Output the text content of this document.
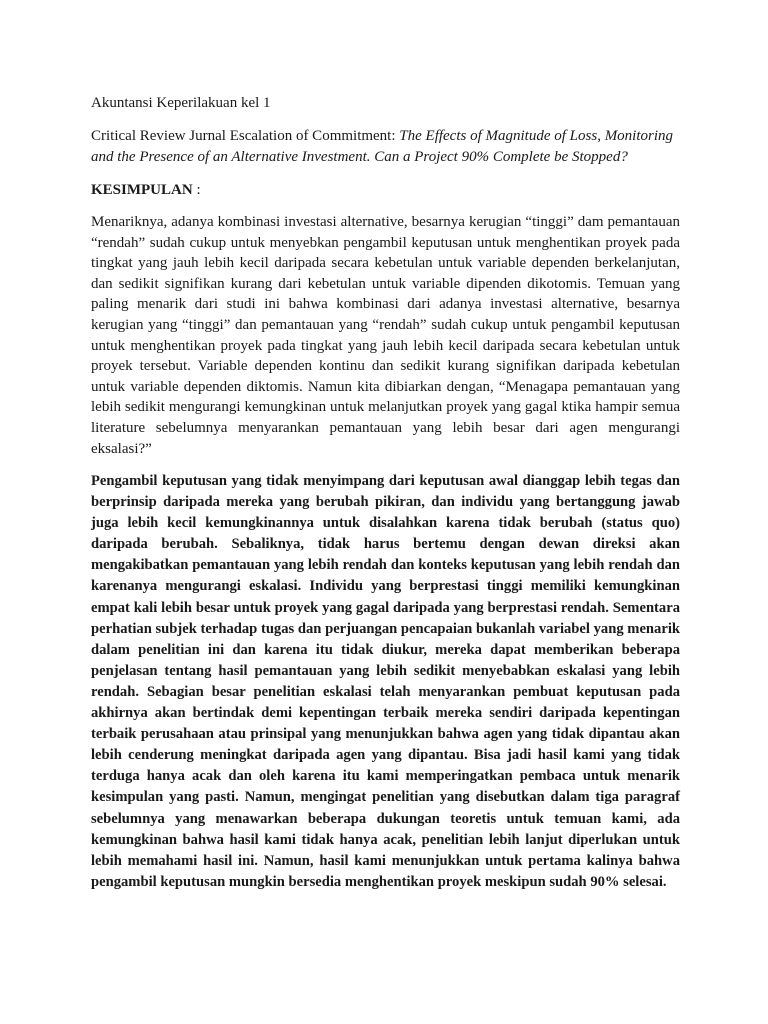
Akuntansi Keperilakuan kel 1
Critical Review Jurnal Escalation of Commitment: The Effects of Magnitude of Loss, Monitoring and the Presence of an Alternative Investment. Can a Project 90% Complete be Stopped?
KESIMPULAN :
Menariknya, adanya kombinasi investasi alternative, besarnya kerugian “tinggi” dam pemantauan “rendah” sudah cukup untuk menyebkan pengambil keputusan untuk menghentikan proyek pada tingkat yang jauh lebih kecil daripada secara kebetulan untuk variable dependen berkelanjutan, dan sedikit signifikan kurang dari kebetulan untuk variable dipenden dikotomis. Temuan yang paling menarik dari studi ini bahwa kombinasi dari adanya investasi alternative, besarnya kerugian yang “tinggi” dan pemantauan yang “rendah” sudah cukup untuk pengambil keputusan untuk menghentikan proyek pada tingkat yang jauh lebih kecil daripada secara kebetulan untuk proyek tersebut. Variable dependen kontinu dan sedikit kurang signifikan daripada kebetulan untuk variable dependen diktomis. Namun kita dibiarkan dengan, “Menagapa pemantauan yang lebih sedikit mengurangi kemungkinan untuk melanjutkan proyek yang gagal ktika hampir semua literature sebelumnya menyarankan pemantauan yang lebih besar dari agen mengurangi eksalasi?”
Pengambil keputusan yang tidak menyimpang dari keputusan awal dianggap lebih tegas dan berprinsip daripada mereka yang berubah pikiran, dan individu yang bertanggung jawab juga lebih kecil kemungkinannya untuk disalahkan karena tidak berubah (status quo) daripada berubah. Sebaliknya, tidak harus bertemu dengan dewan direksi akan mengakibatkan pemantauan yang lebih rendah dan konteks keputusan yang lebih rendah dan karenanya mengurangi eskalasi. Individu yang berprestasi tinggi memiliki kemungkinan empat kali lebih besar untuk proyek yang gagal daripada yang berprestasi rendah. Sementara perhatian subjek terhadap tugas dan perjuangan pencapaian bukanlah variabel yang menarik dalam penelitian ini dan karena itu tidak diukur, mereka dapat memberikan beberapa penjelasan tentang hasil pemantauan yang lebih sedikit menyebabkan eskalasi yang lebih rendah. Sebagian besar penelitian eskalasi telah menyarankan pembuat keputusan pada akhirnya akan bertindak demi kepentingan terbaik mereka sendiri daripada kepentingan terbaik perusahaan atau prinsipal yang menunjukkan bahwa agen yang tidak dipantau akan lebih cenderung meningkat daripada agen yang dipantau. Bisa jadi hasil kami yang tidak terduga hanya acak dan oleh karena itu kami memperingatkan pembaca untuk menarik kesimpulan yang pasti. Namun, mengingat penelitian yang disebutkan dalam tiga paragraf sebelumnya yang menawarkan beberapa dukungan teoretis untuk temuan kami, ada kemungkinan bahwa hasil kami tidak hanya acak, penelitian lebih lanjut diperlukan untuk lebih memahami hasil ini. Namun, hasil kami menunjukkan untuk pertama kalinya bahwa pengambil keputusan mungkin bersedia menghentikan proyek meskipun sudah 90% selesai.
